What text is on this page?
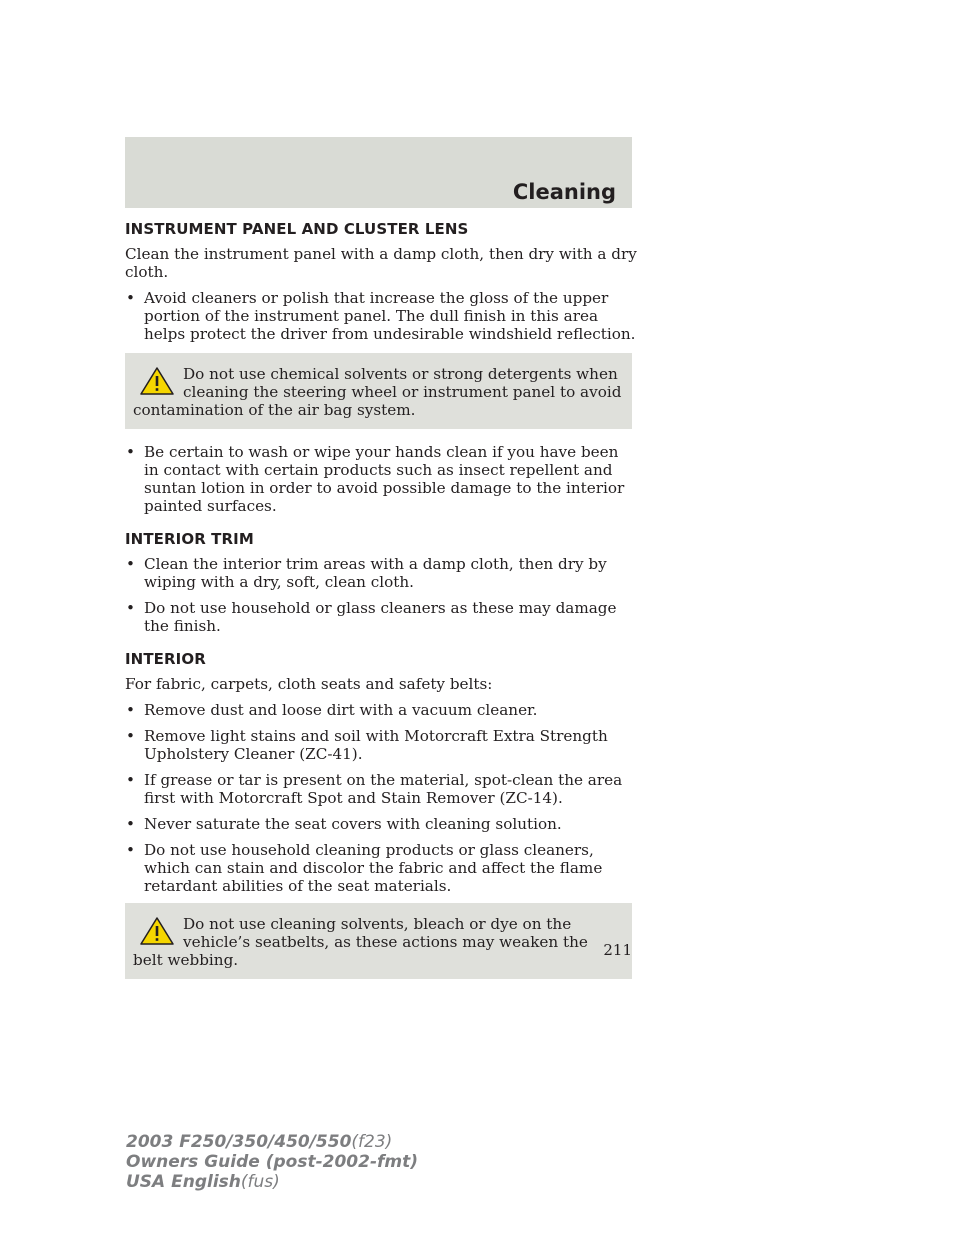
Cleaning
INSTRUMENT PANEL AND CLUSTER LENS

Clean the instrument panel with a damp cloth, then dry with a dry cloth.

• Avoid cleaners or polish that increase the gloss of the upper portion of the instrument panel. The dull finish in this area helps protect the driver from undesirable windshield reflection.
Do not use chemical solvents or strong detergents when cleaning the steering wheel or instrument panel to avoid contamination of the air bag system.
• Be certain to wash or wipe your hands clean if you have been in contact with certain products such as insect repellent and suntan lotion in order to avoid possible damage to the interior painted surfaces.
INTERIOR TRIM
• Clean the interior trim areas with a damp cloth, then dry by wiping with a dry, soft, clean cloth.
• Do not use household or glass cleaners as these may damage the finish.
INTERIOR

For fabric, carpets, cloth seats and safety belts:

• Remove dust and loose dirt with a vacuum cleaner.
• Remove light stains and soil with Motorcraft Extra Strength Upholstery Cleaner (ZC-41).
• If grease or tar is present on the material, spot-clean the area first with Motorcraft Spot and Stain Remover (ZC-14).
• Never saturate the seat covers with cleaning solution.
• Do not use household cleaning products or glass cleaners, which can stain and discolor the fabric and affect the flame retardant abilities of the seat materials.
Do not use cleaning solvents, bleach or dye on the vehicle’s seatbelts, as these actions may weaken the belt webbing.
211
2003 F250/350/450/550(f23)
Owners Guide (post-2002-fmt)
USA English(fus)
